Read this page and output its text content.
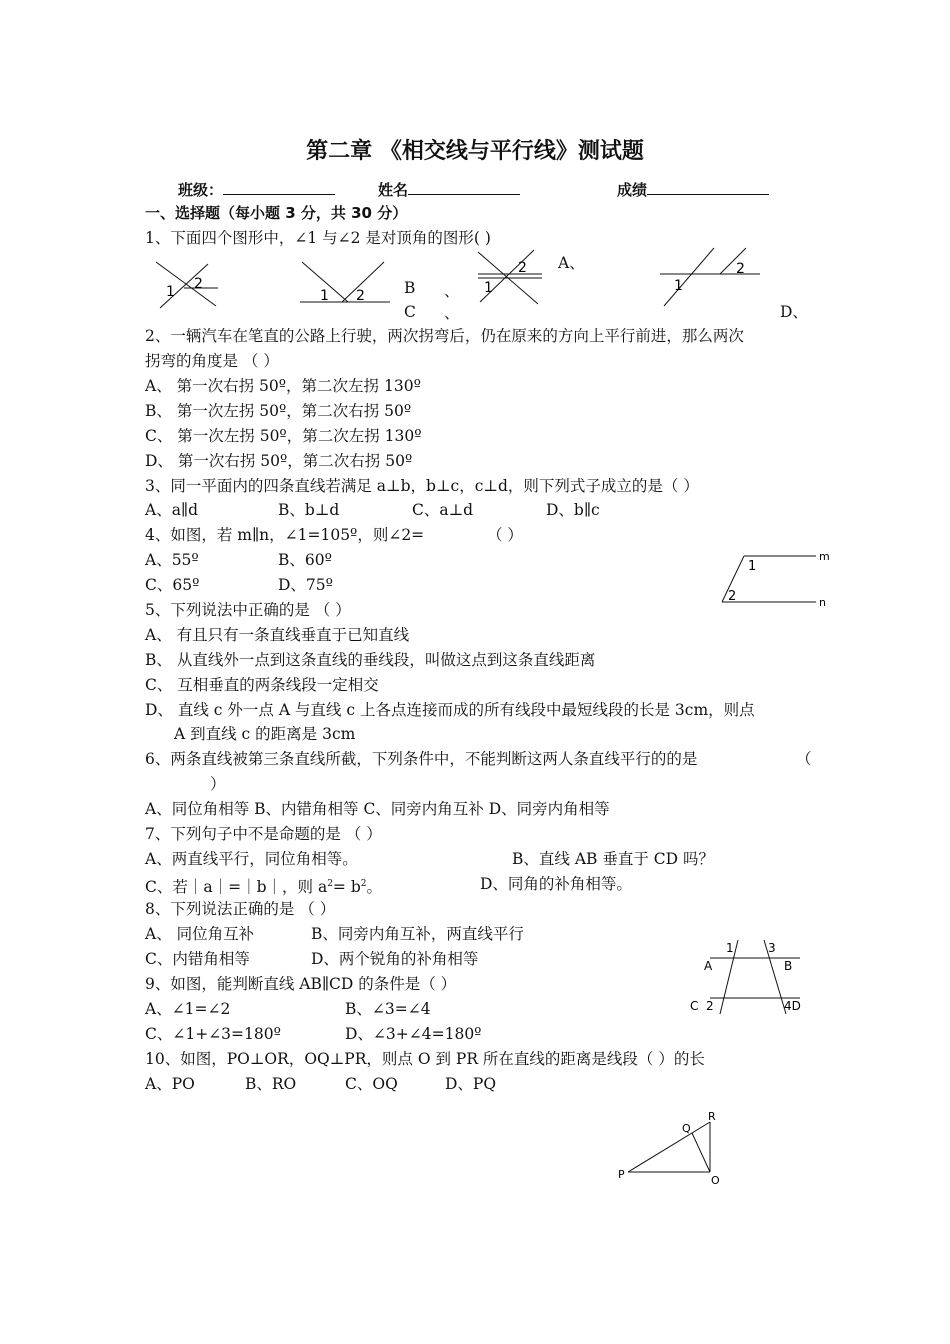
第二章 《相交线与平行线》测试题
班级：	姓名	成绩
一、选择题（每小题 3 分，共 30 分）
1、下面四个图形中，∠1 与∠2 是对顶角的图形( )
1 2
1 2	B 、
C 、
1
2 A、
1
2
D、
2、一辆汽车在笔直的公路上行驶，两次拐弯后，仍在原来的方向上平行前进，那么两次
拐弯的角度是 （ ）
A、 第一次右拐 50º，第二次左拐 130º
B、 第一次左拐 50º，第二次右拐 50º
C、 第一次左拐 50º，第二次左拐 130º
D、 第一次右拐 50º，第二次右拐 50º
3、同一平面内的四条直线若满足 a⊥b，b⊥c，c⊥d，则下列式子成立的是（ ）
A、a∥d	B、b⊥d	C、a⊥d	D、b∥c
4、如图，若 m∥n，∠1=105º，则∠2=	（ ）
A、55º	B、60º
C、65º	D、75º
1
2
m
n
5、下列说法中正确的是 （ ）
A、 有且只有一条直线垂直于已知直线
B、 从直线外一点到这条直线的垂线段，叫做这点到这条直线距离
C、 互相垂直的两条线段一定相交
D、 直线 c 外一点 A 与直线 c 上各点连接而成的所有线段中最短线段的长是 3cm，则点
A 到直线 c 的距离是 3cm
6、两条直线被第三条直线所截，下列条件中，不能判断这两人条直线平行的的是	（
）
A、同位角相等 B、内错角相等 C、同旁内角互补 D、同旁内角相等
7、下列句子中不是命题的是 （ ）
A、两直线平行，同位角相等。	B、直线 AB 垂直于 CD 吗？
C、若｜a｜=｜b｜，则 $a^2= b^2$。	D、同角的补角相等。
8、下列说法正确的是 （ ）
A、 同位角互补	B、同旁内角互补，两直线平行
C、内错角相等	D、两个锐角的补角相等
1	3
A	B
C 2	4D
9、如图，能判断直线 AB∥CD 的条件是（ ）
A、∠1=∠2	B、∠3=∠4
C、∠1+∠3=180º	D、∠3+∠4=180º
10、如图，PO⊥OR，OQ⊥PR，则点 O 到 PR 所在直线的距离是线段（ ）的长
A、PO	B、RO	C、OQ	D、PQ
P
Q
R
O
